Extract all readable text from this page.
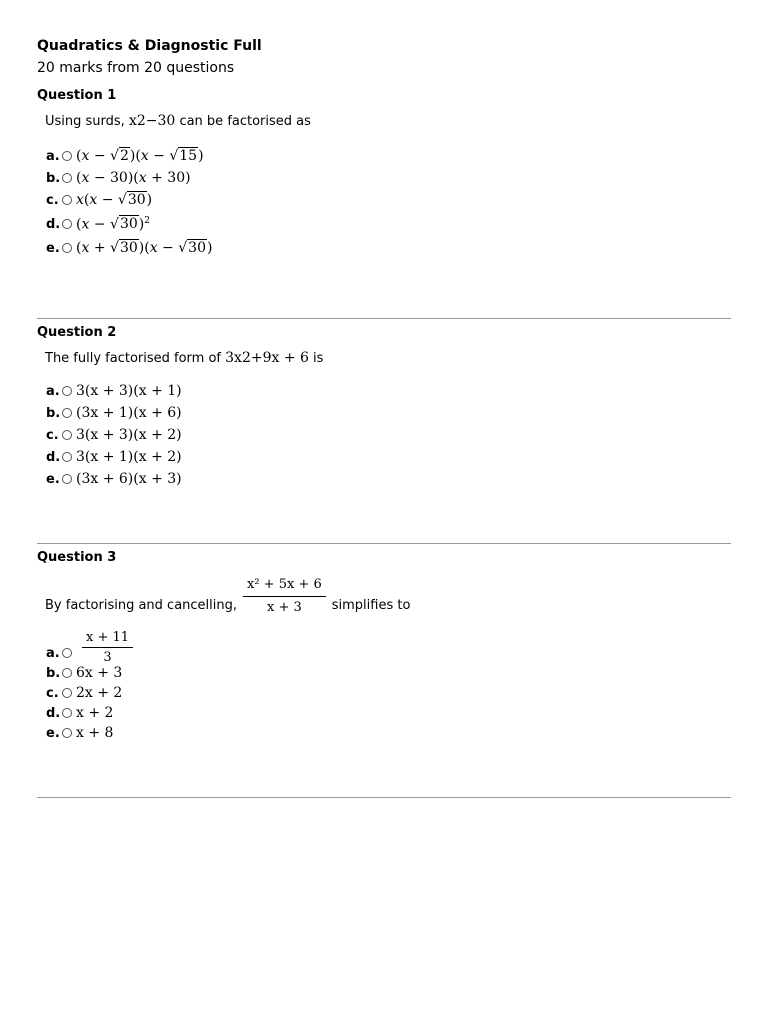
Quadratics & Diagnostic Full
20 marks from 20 questions
Question 1
Using surds, x2−30 can be factorised as
a. (x − √2)(x − √15)
b. (x − 30)(x + 30)
c. x(x − √30)
d. $(x - √30)^2$
e. (x + √30)(x − √30)
Question 2
The fully factorised form of 3x2+9x + 6 is
a. 3(x + 3)(x + 1)
b. (3x + 1)(x + 6)
c. 3(x + 3)(x + 2)
d. 3(x + 1)(x + 2)
e. (3x + 6)(x + 3)
Question 3
By factorising and cancelling, $\frac{\text{x² + 5x + 6}}{x + 3}$ simplifies to
a. $\frac{x + 11}{3}$
b. 6x + 3
c. 2x + 2
d. x + 2
e. x + 8
